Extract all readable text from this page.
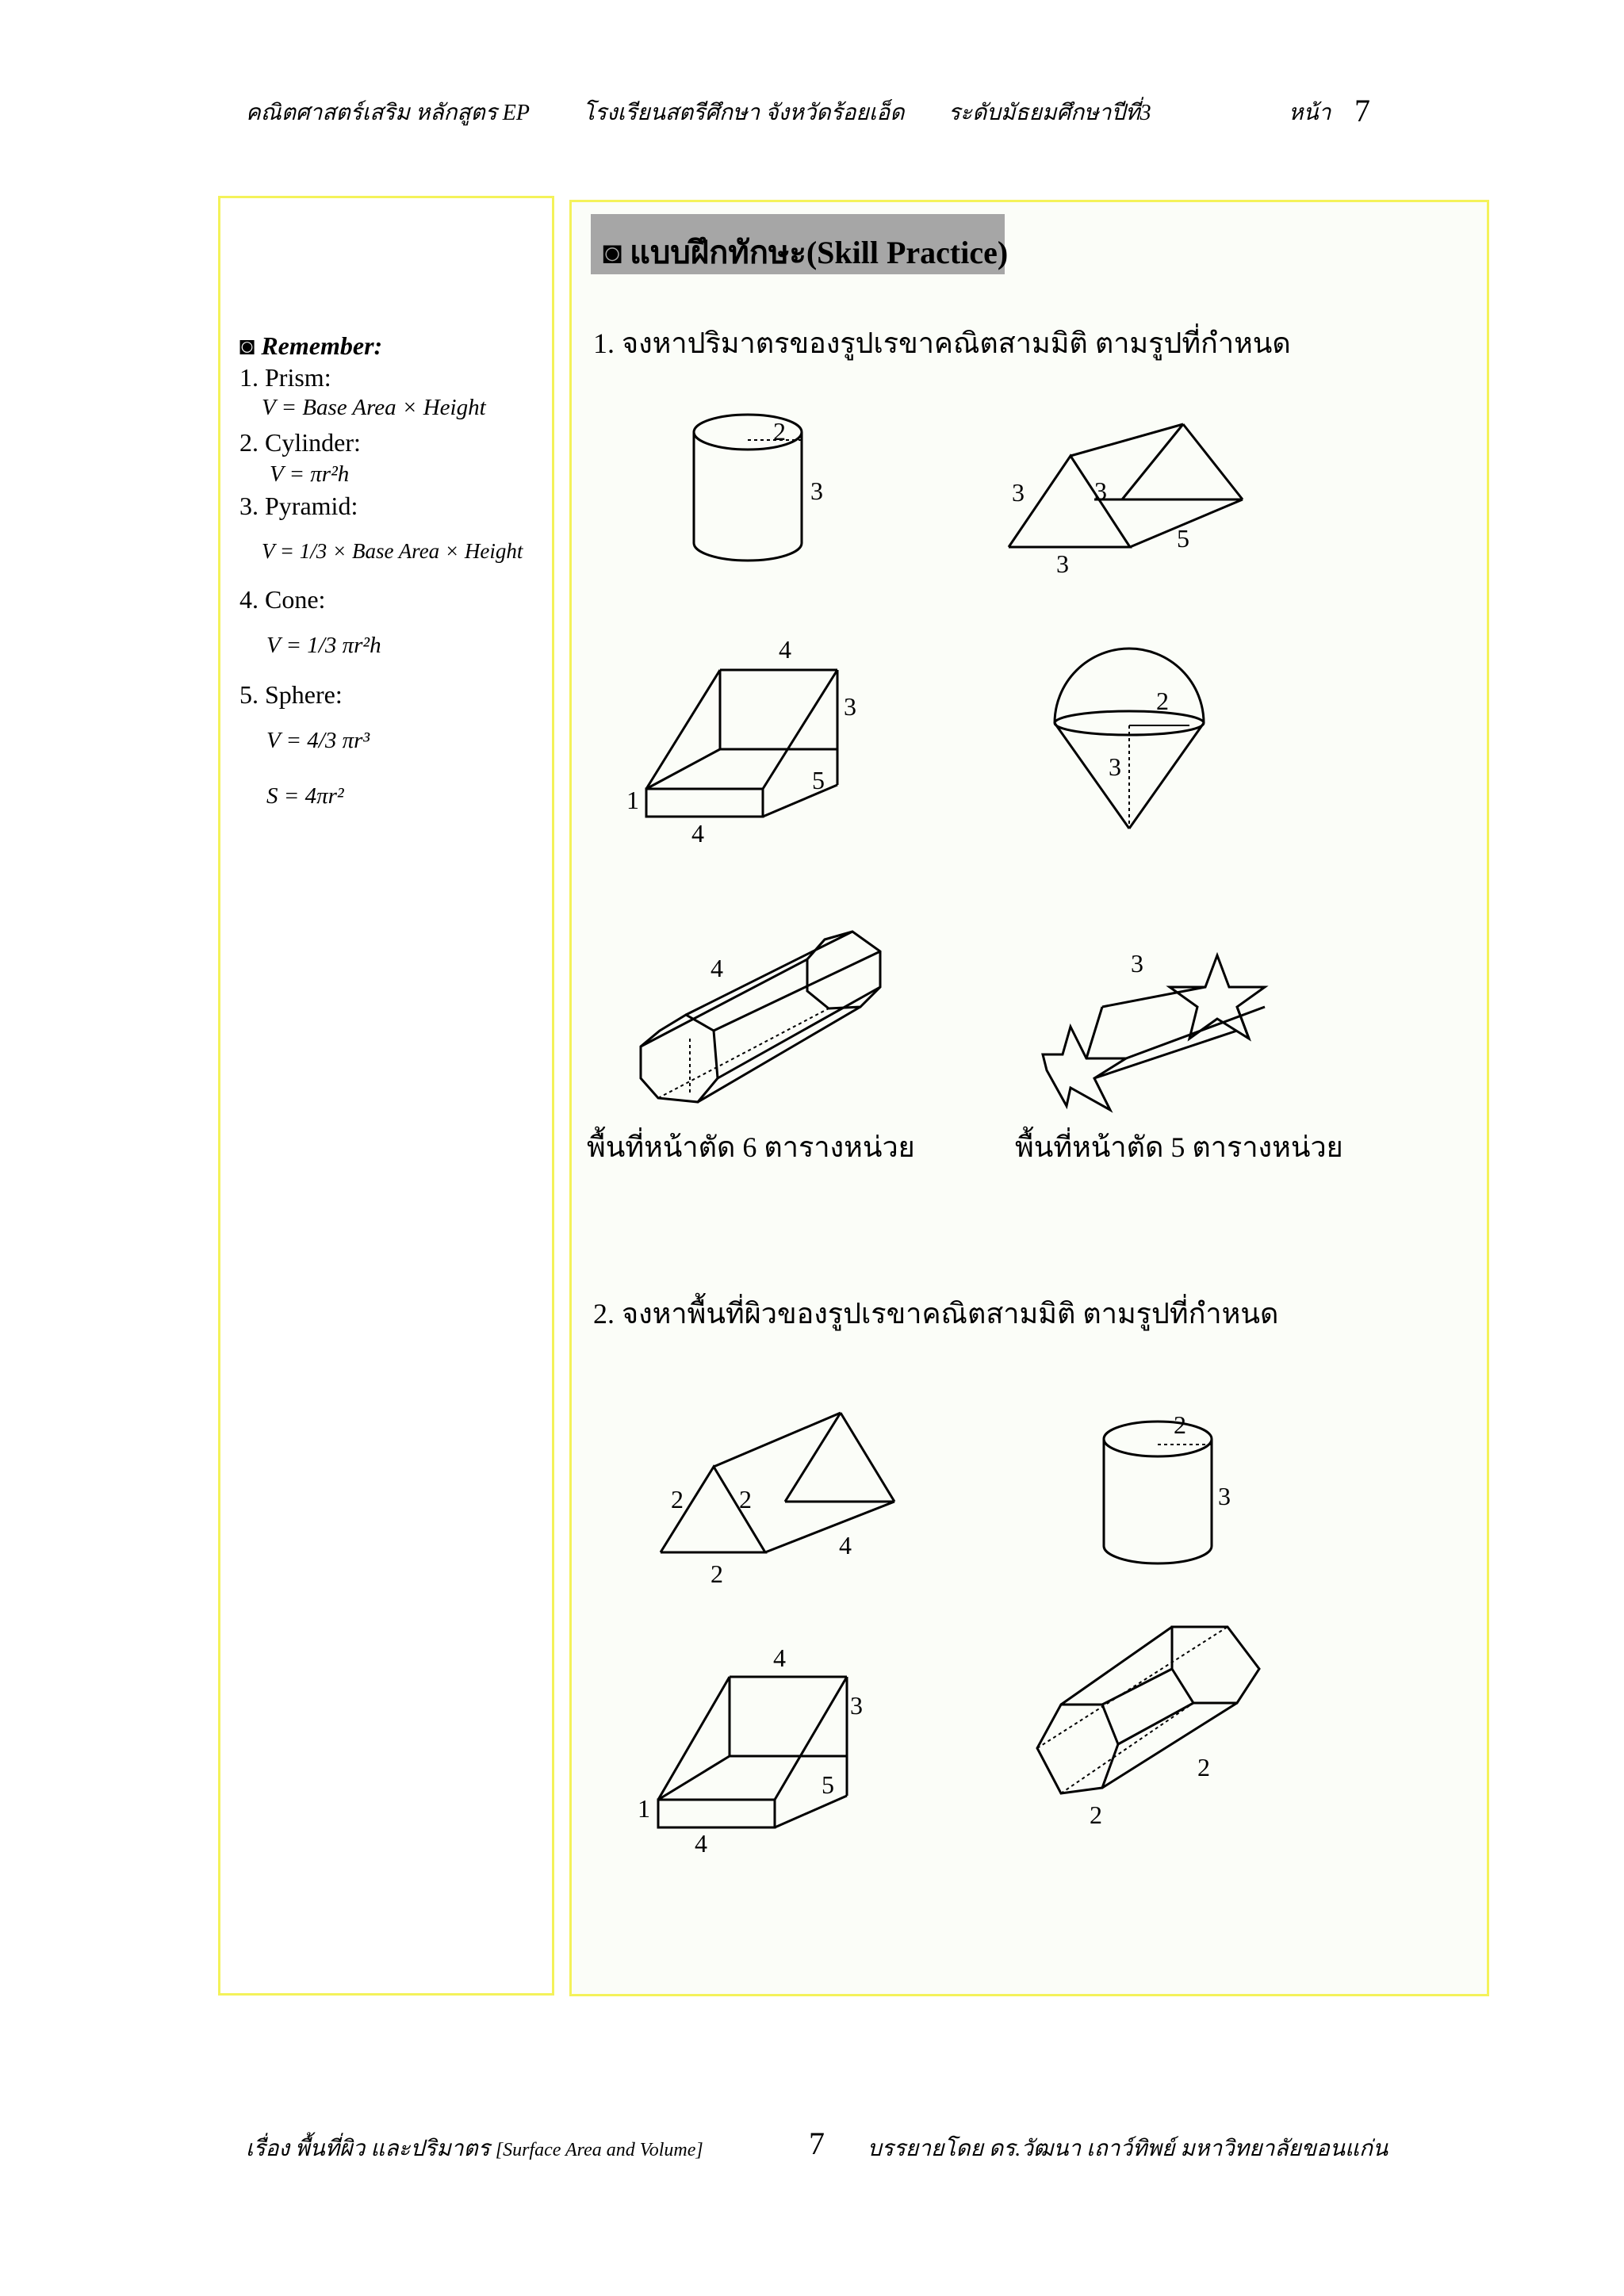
คณิตศาสตร์เสริม หลักสูตร EP โรงเรียนสตรีศึกษา จังหวัดร้อยเอ็ด ระดับมัธยมศึกษาปีที่3	หน้า 7
◙ Remember:
1. Prism:
V = Base Area × Height
2. Cylinder:
V = πr²h
3. Pyramid:
V = 1/3 × Base Area × Height
4. Cone:
V = 1/3 πr²h
5. Sphere:
V = 4/3 πr³
S = 4πr²
◙ แบบฝึกทักษะ(Skill Practice)
1. จงหาปริมาตรของรูปเรขาคณิตสามมิติ ตามรูปที่กำหนด
พื้นที่หน้าตัด 6 ตารางหน่วย	พื้นที่หน้าตัด 5 ตารางหน่วย
2. จงหาพื้นที่ผิวของรูปเรขาคณิตสามมิติ ตามรูปที่กำหนด
2
3	3	3
3
5
4
3
5
1
4
2
3
4	3
2 2
2
4
2
3
4
3
5
1
4
2
2
เรื่อง พื้นที่ผิว และปริมาตร [Surface Area and Volume]	7 บรรยายโดย ดร.วัฒนา เถาว์ทิพย์ มหาวิทยาลัยขอนแก่น
